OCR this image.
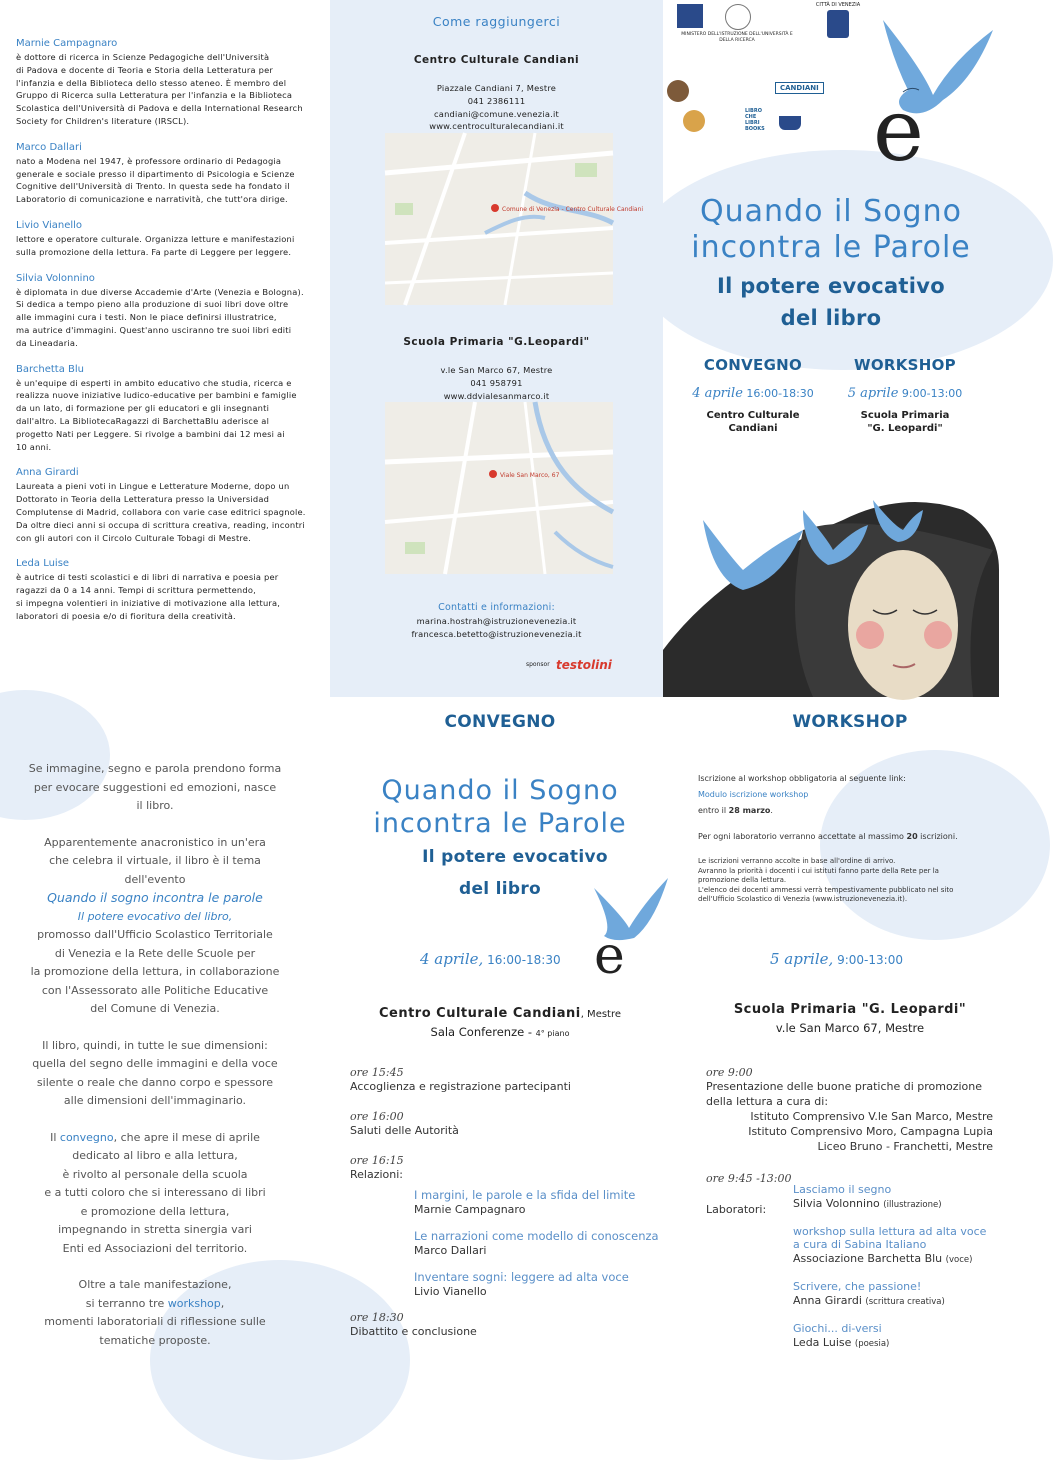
Marnie Campagnaro
è dottore di ricerca in Scienze Pedagogiche dell'Università
di Padova e docente di Teoria e Storia della Letteratura per
l'infanzia e della Biblioteca dello stesso ateneo. È membro del
Gruppo di Ricerca sulla Letteratura per l'infanzia e la Biblioteca
Scolastica dell'Università di Padova e della International Research
Society for Children's literature (IRSCL).
Marco Dallari
nato a Modena nel 1947, è professore ordinario di Pedagogia
generale e sociale presso il dipartimento di Psicologia e Scienze
Cognitive dell'Università di Trento. In questa sede ha fondato il
Laboratorio di comunicazione e narratività, che tutt'ora dirige.
Livio Vianello
lettore e operatore culturale. Organizza letture e manifestazioni
sulla promozione della lettura. Fa parte di Leggere per leggere.
Silvia Volonnino
è diplomata in due diverse Accademie d'Arte (Venezia e Bologna).
Si dedica a tempo pieno alla produzione di suoi libri dove oltre
alle immagini cura i testi. Non le piace definirsi illustratrice,
ma autrice d'immagini. Quest'anno usciranno tre suoi libri editi
da Lineadaria.
Barchetta Blu
è un'equipe di esperti in ambito educativo che studia, ricerca e
realizza nuove iniziative ludico-educative per bambini e famiglie
da un lato, di formazione per gli educatori e gli insegnanti
dall'altro. La BibliotecaRagazzi di BarchettaBlu aderisce al
progetto Nati per Leggere. Si rivolge a bambini dai 12 mesi ai
10 anni.
Anna Girardi
Laureata a pieni voti in Lingue e Letterature Moderne, dopo un
Dottorato in Teoria della Letteratura presso la Universidad
Complutense di Madrid, collabora con varie case editrici spagnole.
Da oltre dieci anni si occupa di scrittura creativa, reading, incontri
con gli autori con il Circolo Culturale Tobagi di Mestre.
Leda Luise
è autrice di testi scolastici e di libri di narrativa e poesia per
ragazzi da 0 a 14 anni. Tempi di scrittura permettendo,
si impegna volentieri in iniziative di motivazione alla lettura,
laboratori di poesia e/o di fioritura della creatività.
Come raggiungerci
Centro Culturale Candiani
Piazzale Candiani 7, Mestre
041 2386111
candiani@comune.venezia.it
www.centroculturalecandiani.it
Comune di Venezia - Centro Culturale Candiani
Scuola Primaria "G.Leopardi"
v.le San Marco 67, Mestre
041 958791
www.ddvialesanmarco.it
Viale San Marco, 67
Contatti e informazioni:
marina.hostrah@istruzionevenezia.it
francesca.betetto@istruzionevenezia.it
sponsor testolini
MINISTERO DELL'ISTRUZIONE DELL'UNIVERSITÀ E DELLA RICERCA
CITTÀ DI VENEZIA
CANDIANI
LIBRO CHE LIBRI BOOKS e
Quando il Sogno
incontra le Parole
Il potere evocativo
del libro
CONVEGNO
4 aprile 16:00-18:30
Centro Culturale
Candiani
WORKSHOP
5 aprile 9:00-13:00
Scuola Primaria
"G. Leopardi"
Se immagine, segno e parola prendono forma
per evocare suggestioni ed emozioni, nasce
il libro.
Apparentemente anacronistico in un'era
che celebra il virtuale, il libro è il tema
dell'evento
Quando il sogno incontra le parole
Il potere evocativo del libro,
promosso dall'Ufficio Scolastico Territoriale
di Venezia e la Rete delle Scuole per
la promozione della lettura, in collaborazione
con l'Assessorato alle Politiche Educative
del Comune di Venezia.
Il libro, quindi, in tutte le sue dimensioni:
quella del segno delle immagini e della voce
silente o reale che danno corpo e spessore
alle dimensioni dell'immaginario.
Il convegno, che apre il mese di aprile
dedicato al libro e alla lettura,
è rivolto al personale della scuola
e a tutti coloro che si interessano di libri
e promozione della lettura,
impegnando in stretta sinergia vari
Enti ed Associazioni del territorio.
Oltre a tale manifestazione,
si terranno tre workshop,
momenti laboratoriali di riflessione sulle
tematiche proposte.
CONVEGNO
Quando il Sogno
incontra le Parole
Il potere evocativo
del libro
e
4 aprile, 16:00-18:30
Centro Culturale Candiani, Mestre
Sala Conferenze - 4° piano
ore 15:45
Accoglienza e registrazione partecipanti
ore 16:00
Saluti delle Autorità
ore 16:15
Relazioni:
I margini, le parole e la sfida del limite
Marnie Campagnaro
Le narrazioni come modello di conoscenza
Marco Dallari
Inventare sogni: leggere ad alta voce
Livio Vianello
ore 18:30
Dibattito e conclusione
WORKSHOP
Iscrizione al workshop obbligatoria al seguente link:
Modulo iscrizione workshop
entro il 28 marzo.
Per ogni laboratorio verranno accettate al massimo 20 iscrizioni.
Le iscrizioni verranno accolte in base all'ordine di arrivo.
Avranno la priorità i docenti i cui istituti fanno parte della Rete per la
promozione della lettura.
L'elenco dei docenti ammessi verrà tempestivamente pubblicato nel sito
dell'Ufficio Scolastico di Venezia (www.istruzionevenezia.it).
5 aprile, 9:00-13:00
Scuola Primaria "G. Leopardi"
v.le San Marco 67, Mestre
ore 9:00
Presentazione delle buone pratiche di promozione
della lettura a cura di:
Istituto Comprensivo V.le San Marco, Mestre
Istituto Comprensivo Moro, Campagna Lupia
Liceo Bruno - Franchetti, Mestre
ore 9:45 -13:00
Laboratori:
Lasciamo il segno
Silvia Volonnino (illustrazione)
workshop sulla lettura ad alta voce
a cura di Sabina Italiano
Associazione Barchetta Blu (voce)
Scrivere, che passione!
Anna Girardi (scrittura creativa)
Giochi... di-versi
Leda Luise (poesia)
